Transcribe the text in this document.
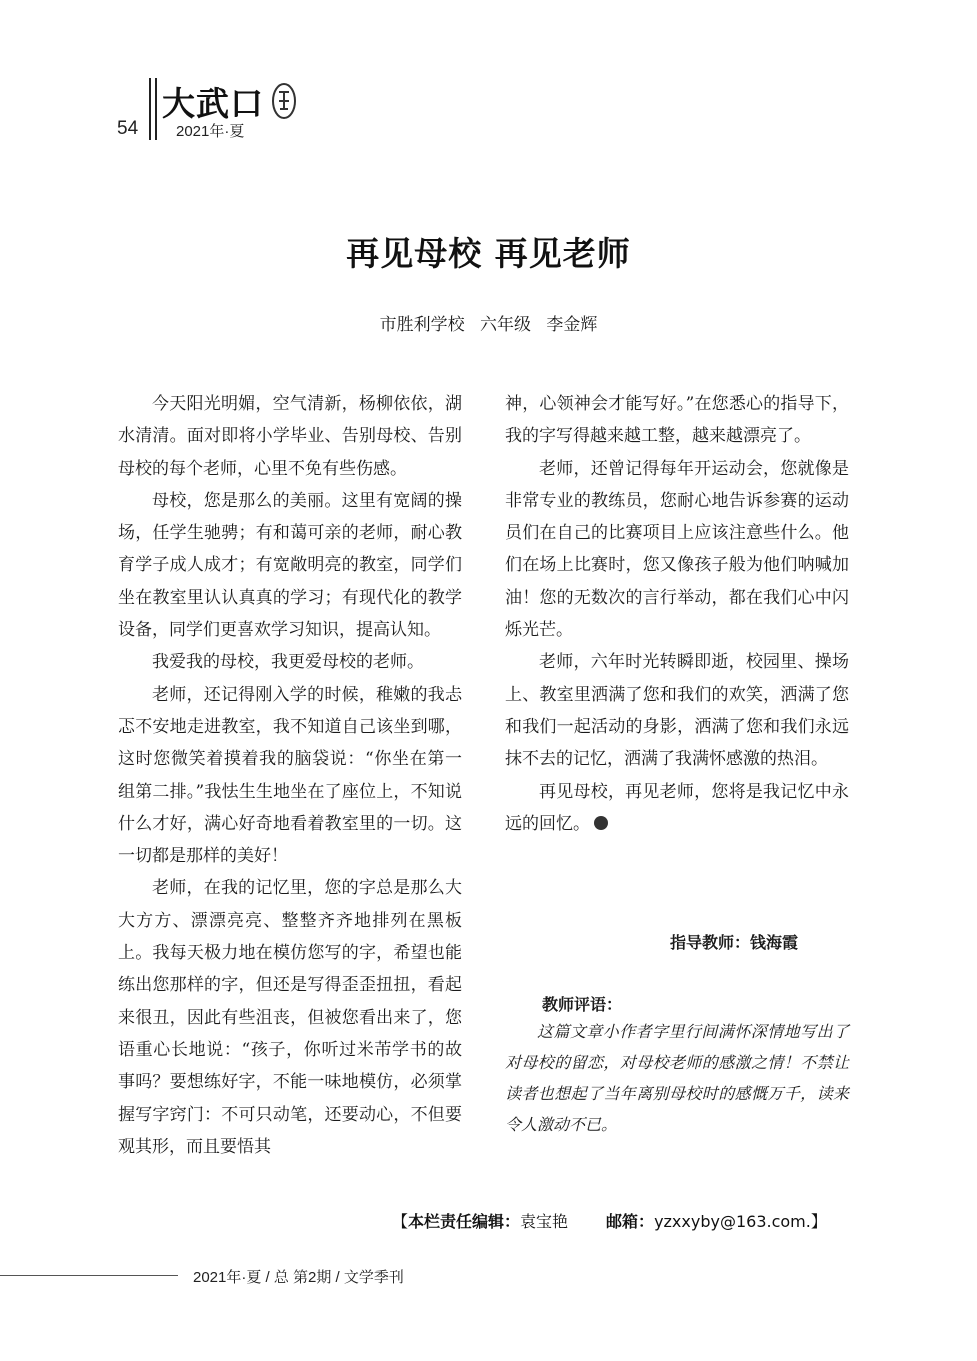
54
大武口
2021年·夏
再见母校 再见老师
市胜利学校 六年级 李金辉

今天阳光明媚，空气清新，杨柳依依，湖水清清。面对即将小学毕业、告别母校、告别母校的每个老师，心里不免有些伤感。

母校，您是那么的美丽。这里有宽阔的操场，任学生驰骋；有和蔼可亲的老师，耐心教育学子成人成才；有宽敞明亮的教室，同学们坐在教室里认认真真的学习；有现代化的教学设备，同学们更喜欢学习知识，提高认知。

我爱我的母校，我更爱母校的老师。

老师，还记得刚入学的时候，稚嫩的我忐忑不安地走进教室，我不知道自己该坐到哪，这时您微笑着摸着我的脑袋说：“你坐在第一组第二排。”我怯生生地坐在了座位上，不知说什么才好，满心好奇地看着教室里的一切。这一切都是那样的美好！

老师，在我的记忆里，您的字总是那么大大方方、漂漂亮亮、整整齐齐地排列在黑板上。我每天极力地在模仿您写的字，希望也能练出您那样的字，但还是写得歪歪扭扭，看起来很丑，因此有些沮丧，但被您看出来了，您语重心长地说：“孩子，你听过米芾学书的故事吗？要想练好字，不能一味地模仿，必须掌握写字窍门：不可只动笔，还要动心，不但要观其形，而且要悟其

神，心领神会才能写好。”在您悉心的指导下，我的字写得越来越工整，越来越漂亮了。

老师，还曾记得每年开运动会，您就像是非常专业的教练员，您耐心地告诉参赛的运动员们在自己的比赛项目上应该注意些什么。他们在场上比赛时，您又像孩子般为他们呐喊加油！您的无数次的言行举动，都在我们心中闪烁光芒。

老师，六年时光转瞬即逝，校园里、操场上、教室里洒满了您和我们的欢笑，洒满了您和我们一起活动的身影，洒满了您和我们永远抹不去的记忆，洒满了我满怀感激的热泪。

再见母校，再见老师，您将是我记忆中永远的回忆。

指导教师：钱海霞
教师评语：

这篇文章小作者字里行间满怀深情地写出了对母校的留恋，对母校老师的感激之情！不禁让读者也想起了当年离别母校时的感慨万千，读来令人激动不已。

【本栏责任编辑：袁宝艳 邮箱：yzxxyby@163.com.】
2021年·夏 / 总 第2期 / 文学季刊
